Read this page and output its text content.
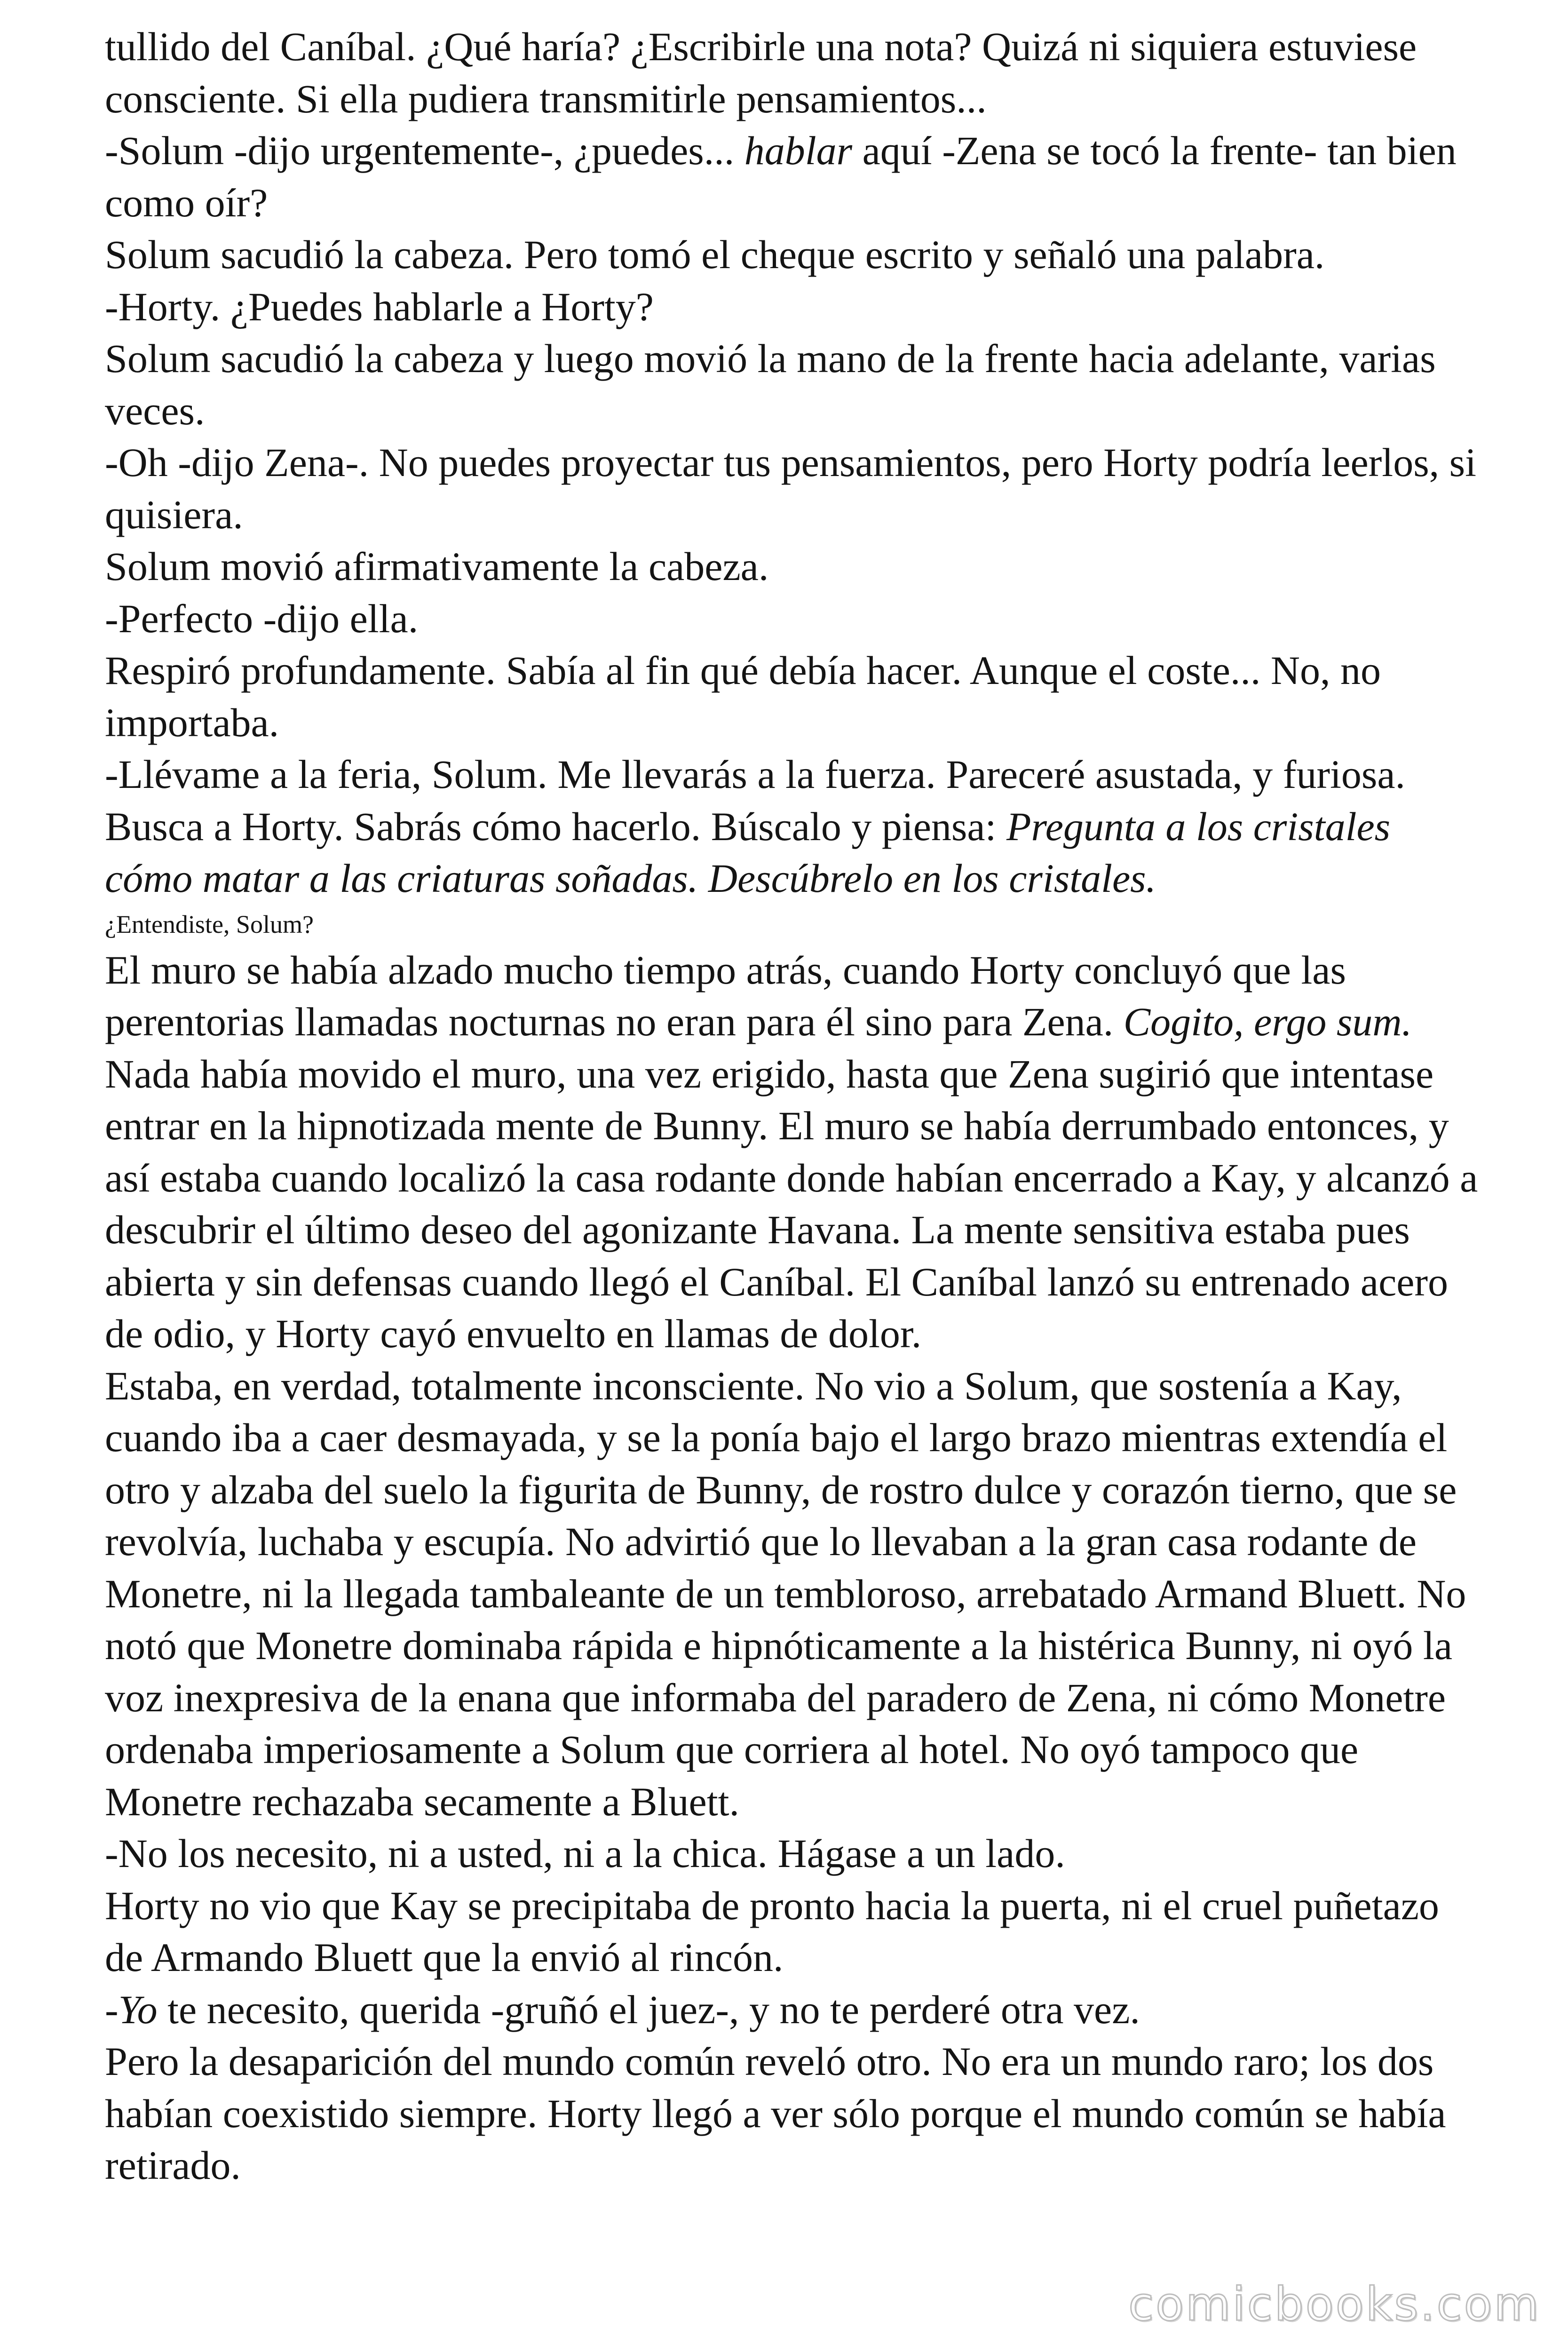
tullido del Caníbal. ¿Qué haría? ¿Escribirle una nota? Quizá ni siquiera estuviese consciente. Si ella pudiera transmitirle pensamientos...

-Solum -dijo urgentemente-, ¿puedes... hablar aquí -Zena se tocó la frente- tan bien como oír?

Solum sacudió la cabeza. Pero tomó el cheque escrito y señaló una palabra.

-Horty. ¿Puedes hablarle a Horty?

Solum sacudió la cabeza y luego movió la mano de la frente hacia adelante, varias veces.

-Oh -dijo Zena-. No puedes proyectar tus pensamientos, pero Horty podría leerlos, si quisiera.

Solum movió afirmativamente la cabeza.

-Perfecto -dijo ella.

Respiró profundamente. Sabía al fin qué debía hacer. Aunque el coste... No, no importaba.

-Llévame a la feria, Solum. Me llevarás a la fuerza. Pareceré asustada, y furiosa. Busca a Horty. Sabrás cómo hacerlo. Búscalo y piensa: Pregunta a los cristales cómo matar a las criaturas soñadas. Descúbrelo en los cristales.

¿Entendiste, Solum?

El muro se había alzado mucho tiempo atrás, cuando Horty concluyó que las perentorias llamadas nocturnas no eran para él sino para Zena. Cogito, ergo sum. Nada había movido el muro, una vez erigido, hasta que Zena sugirió que intentase entrar en la hipnotizada mente de Bunny. El muro se había derrumbado entonces, y así estaba cuando localizó la casa rodante donde habían encerrado a Kay, y alcanzó a descubrir el último deseo del agonizante Havana. La mente sensitiva estaba pues abierta y sin defensas cuando llegó el Caníbal. El Caníbal lanzó su entrenado acero de odio, y Horty cayó envuelto en llamas de dolor.

Estaba, en verdad, totalmente inconsciente. No vio a Solum, que sostenía a Kay, cuando iba a caer desmayada, y se la ponía bajo el largo brazo mientras extendía el otro y alzaba del suelo la figurita de Bunny, de rostro dulce y corazón tierno, que se revolvía, luchaba y escupía. No advirtió que lo llevaban a la gran casa rodante de Monetre, ni la llegada tambaleante de un tembloroso, arrebatado Armand Bluett. No notó que Monetre dominaba rápida e hipnóticamente a la histérica Bunny, ni oyó la voz inexpresiva de la enana que informaba del paradero de Zena, ni cómo Monetre ordenaba imperiosamente a Solum que corriera al hotel. No oyó tampoco que Monetre rechazaba secamente a Bluett.

-No los necesito, ni a usted, ni a la chica. Hágase a un lado.

Horty no vio que Kay se precipitaba de pronto hacia la puerta, ni el cruel puñetazo de Armando Bluett que la envió al rincón.

-Yo te necesito, querida -gruñó el juez-, y no te perderé otra vez.

Pero la desaparición del mundo común reveló otro. No era un mundo raro; los dos habían coexistido siempre. Horty llegó a ver sólo porque el mundo común se había retirado.

comicbooks.com
